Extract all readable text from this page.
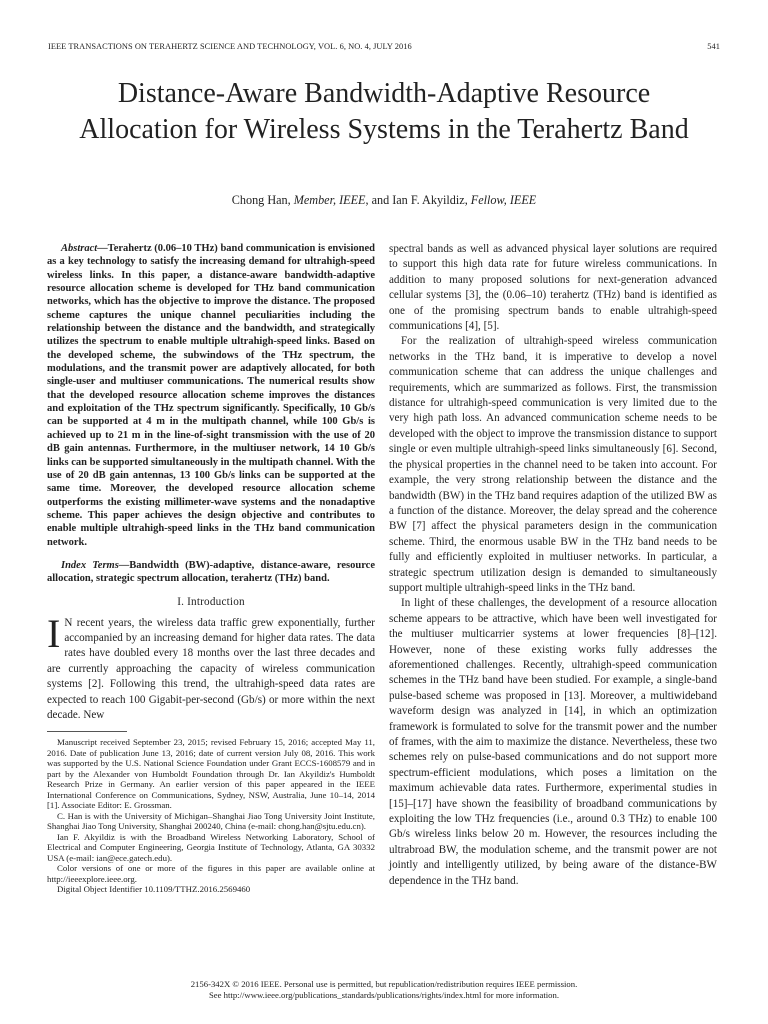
IEEE TRANSACTIONS ON TERAHERTZ SCIENCE AND TECHNOLOGY, VOL. 6, NO. 4, JULY 2016	541
Distance-Aware Bandwidth-Adaptive Resource Allocation for Wireless Systems in the Terahertz Band
Chong Han, Member, IEEE, and Ian F. Akyildiz, Fellow, IEEE

Abstract—Terahertz (0.06–10 THz) band communication is envisioned as a key technology to satisfy the increasing demand for ultrahigh-speed wireless links. In this paper, a distance-aware bandwidth-adaptive resource allocation scheme is developed for THz band communication networks, which has the objective to improve the distance. The proposed scheme captures the unique channel peculiarities including the relationship between the distance and the bandwidth, and strategically utilizes the spectrum to enable multiple ultrahigh-speed links. Based on the developed scheme, the subwindows of the THz spectrum, the modulations, and the transmit power are adaptively allocated, for both single-user and multiuser communications. The numerical results show that the developed resource allocation scheme improves the distances and exploitation of the THz spectrum significantly. Specifically, 10 Gb/s can be supported at 4 m in the multipath channel, while 100 Gb/s is achieved up to 21 m in the line-of-sight transmission with the use of 20 dB gain antennas. Furthermore, in the multiuser network, 14 10 Gb/s links can be supported simultaneously in the multipath channel. With the use of 20 dB gain antennas, 13 100 Gb/s links can be supported at the same time. Moreover, the developed resource allocation scheme outperforms the existing millimeter-wave systems and the nonadaptive scheme. This paper achieves the design objective and contributes to enable multiple ultrahigh-speed links in the THz band communication network.

Index Terms—Bandwidth (BW)-adaptive, distance-aware, resource allocation, strategic spectrum allocation, terahertz (THz) band.

I. Introduction

I N recent years, the wireless data traffic grew exponentially, further accompanied by an increasing demand for higher data rates. The data rates have doubled every 18 months over the last three decades and are currently approaching the capacity of wireless communication systems [2]. Following this trend, the ultrahigh-speed data rates are expected to reach 100 Gigabit-per-second (Gb/s) or more within the next decade. New

Manuscript received September 23, 2015; revised February 15, 2016; accepted May 11, 2016. Date of publication June 13, 2016; date of current version July 08, 2016. This work was supported by the U.S. National Science Foundation under Grant ECCS-1608579 and in part by the Alexander von Humboldt Foundation through Dr. Ian Akyildiz's Humboldt Research Prize in Germany. An earlier version of this paper appeared in the IEEE International Conference on Communications, Sydney, NSW, Australia, June 10–14, 2014 [1]. Associate Editor: E. Grossman.

C. Han is with the University of Michigan–Shanghai Jiao Tong University Joint Institute, Shanghai Jiao Tong University, Shanghai 200240, China (e-mail: chong.han@sjtu.edu.cn).

Ian F. Akyildiz is with the Broadband Wireless Networking Laboratory, School of Electrical and Computer Engineering, Georgia Institute of Technology, Atlanta, GA 30332 USA (e-mail: ian@ece.gatech.edu).

Color versions of one or more of the figures in this paper are available online at http://ieeexplore.ieee.org.

Digital Object Identifier 10.1109/TTHZ.2016.2569460

spectral bands as well as advanced physical layer solutions are required to support this high data rate for future wireless communications. In addition to many proposed solutions for next-generation advanced cellular systems [3], the (0.06–10) terahertz (THz) band is identified as one of the promising spectrum bands to enable ultrahigh-speed communications [4], [5].

For the realization of ultrahigh-speed wireless communication networks in the THz band, it is imperative to develop a novel communication scheme that can address the unique challenges and requirements, which are summarized as follows. First, the transmission distance for ultrahigh-speed communication is very limited due to the very high path loss. An advanced communication scheme needs to be developed with the object to improve the transmission distance to support single or even multiple ultrahigh-speed links simultaneously [6]. Second, the physical properties in the channel need to be taken into account. For example, the very strong relationship between the distance and the bandwidth (BW) in the THz band requires adaption of the utilized BW as a function of the distance. Moreover, the delay spread and the coherence BW [7] affect the physical parameters design in the communication scheme. Third, the enormous usable BW in the THz band needs to be fully and efficiently exploited in multiuser networks. In particular, a strategic spectrum utilization design is demanded to simultaneously support multiple ultrahigh-speed links in the THz band.

In light of these challenges, the development of a resource allocation scheme appears to be attractive, which have been well investigated for the multiuser multicarrier systems at lower frequencies [8]–[12]. However, none of these existing works fully addresses the aforementioned challenges. Recently, ultrahigh-speed communication schemes in the THz band have been studied. For example, a single-band pulse-based scheme was proposed in [13]. Moreover, a multiwideband waveform design was analyzed in [14], in which an optimization framework is formulated to solve for the transmit power and the number of frames, with the aim to maximize the distance. Nevertheless, these two schemes rely on pulse-based communications and do not support more spectrum-efficient modulations, which poses a limitation on the maximum achievable data rates. Furthermore, experimental studies in [15]–[17] have shown the feasibility of broadband communications by exploiting the low THz frequencies (i.e., around 0.3 THz) to enable 100 Gb/s wireless links below 20 m. However, the resources including the ultrabroad BW, the modulation scheme, and the transmit power are not jointly and intelligently utilized, by being aware of the distance-BW dependence in the THz band.

2156-342X © 2016 IEEE. Personal use is permitted, but republication/redistribution requires IEEE permission.
See http://www.ieee.org/publications_standards/publications/rights/index.html for more information.
